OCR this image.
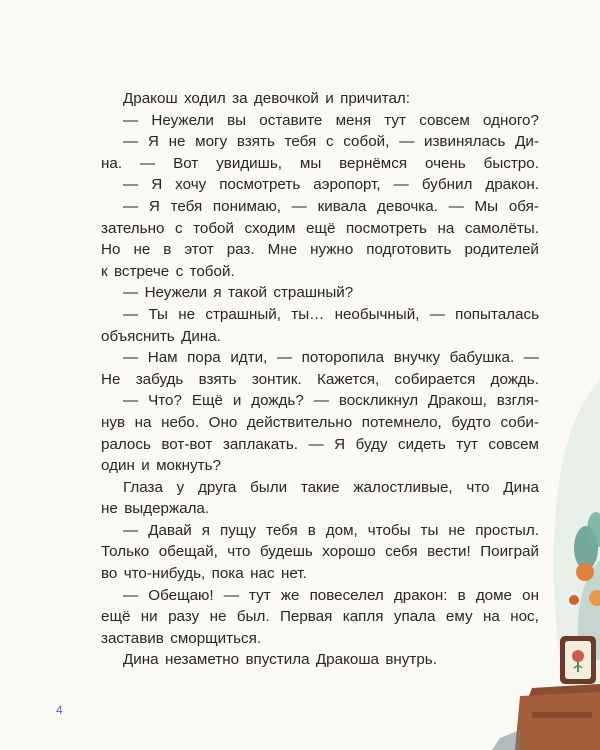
Дракош ходил за девочкой и причитал:
— Неужели вы оставите меня тут совсем одного?
— Я не могу взять тебя с собой, — извинялась Ди-
на. — Вот увидишь, мы вернёмся очень быстро.
— Я хочу посмотреть аэропорт, — бубнил дракон.
— Я тебя понимаю, — кивала девочка. — Мы обя-
зательно с тобой сходим ещё посмотреть на самолёты.
Но не в этот раз. Мне нужно подготовить родителей
к встрече с тобой.
— Неужели я такой страшный?
— Ты не страшный, ты… необычный, — попыталась
объяснить Дина.
— Нам пора идти, — поторопила внучку бабушка. —
Не забудь взять зонтик. Кажется, собирается дождь.
— Что? Ещё и дождь? — воскликнул Дракош, взгля-
нув на небо. Оно действительно потемнело, будто соби-
ралось вот-вот заплакать. — Я буду сидеть тут совсем
один и мокнуть?
Глаза у друга были такие жалостливые, что Дина
не выдержала.
— Давай я пущу тебя в дом, чтобы ты не простыл.
Только обещай, что будешь хорошо себя вести! Поиграй
во что-нибудь, пока нас нет.
— Обещаю! — тут же повеселел дракон: в доме он
ещё ни разу не был. Первая капля упала ему на нос,
заставив сморщиться.
Дина незаметно впустила Дракоша внутрь.
4
